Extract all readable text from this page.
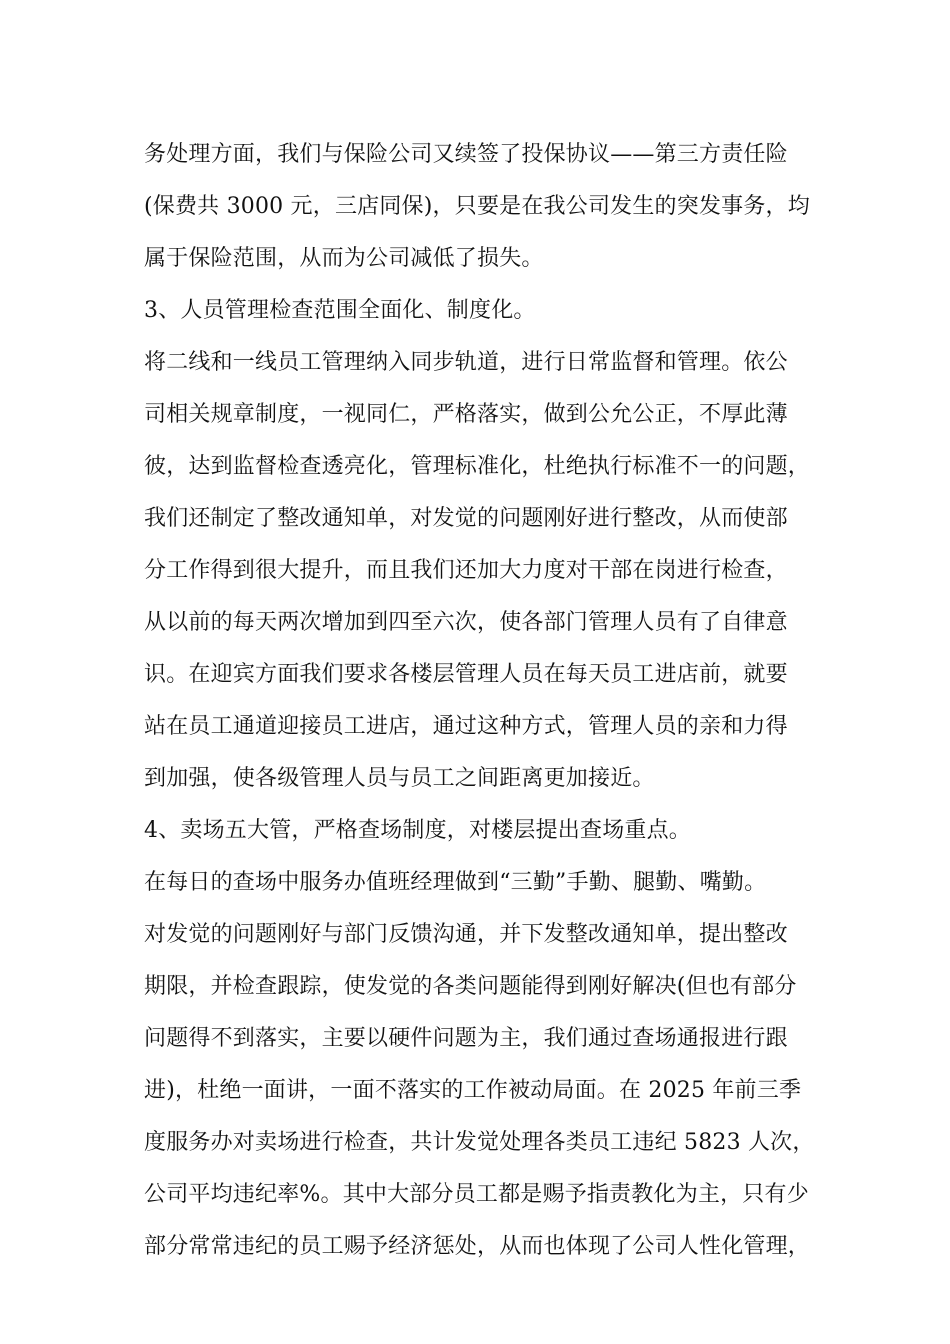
务处理方面，我们与保险公司又续签了投保协议——第三方责任险
(保费共 3000 元，三店同保)，只要是在我公司发生的突发事务，均
属于保险范围，从而为公司减低了损失。
3、人员管理检查范围全面化、制度化。
将二线和一线员工管理纳入同步轨道，进行日常监督和管理。依公
司相关规章制度，一视同仁，严格落实，做到公允公正，不厚此薄
彼，达到监督检查透亮化，管理标准化，杜绝执行标准不一的问题，
我们还制定了整改通知单，对发觉的问题刚好进行整改，从而使部
分工作得到很大提升，而且我们还加大力度对干部在岗进行检查，
从以前的每天两次增加到四至六次，使各部门管理人员有了自律意
识。在迎宾方面我们要求各楼层管理人员在每天员工进店前，就要
站在员工通道迎接员工进店，通过这种方式，管理人员的亲和力得
到加强，使各级管理人员与员工之间距离更加接近。
4、卖场五大管，严格查场制度，对楼层提出查场重点。
在每日的查场中服务办值班经理做到“三勤”手勤、腿勤、嘴勤。
对发觉的问题刚好与部门反馈沟通，并下发整改通知单，提出整改
期限，并检查跟踪，使发觉的各类问题能得到刚好解决(但也有部分
问题得不到落实，主要以硬件问题为主，我们通过查场通报进行跟
进)，杜绝一面讲，一面不落实的工作被动局面。在 2025 年前三季
度服务办对卖场进行检查，共计发觉处理各类员工违纪 5823 人次，
公司平均违纪率%。其中大部分员工都是赐予指责教化为主，只有少
部分常常违纪的员工赐予经济惩处，从而也体现了公司人性化管理，
